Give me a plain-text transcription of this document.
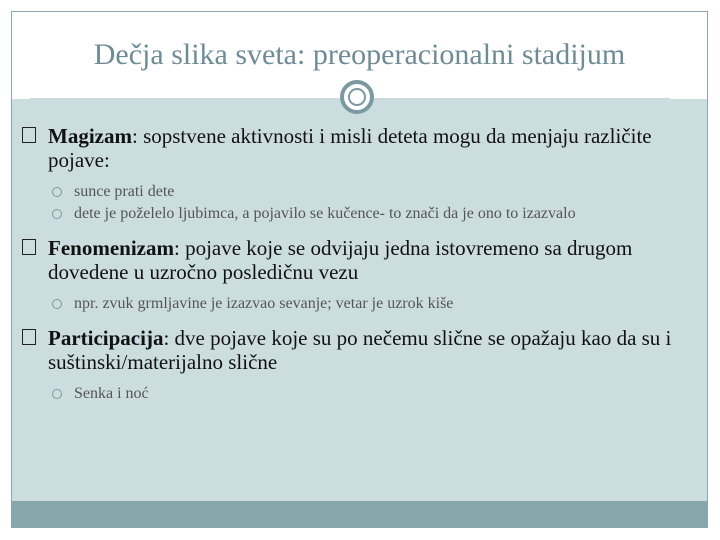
Dečja slika sveta: preoperacionalni stadijum
Magizam: sopstvene aktivnosti i misli deteta mogu da menjaju različite pojave:
sunce prati dete
dete je poželelo ljubimca, a pojavilo se kučence- to znači da je ono to izazvalo
Fenomenizam: pojave koje se odvijaju jedna istovremeno sa drugom dovedene u uzročno posledičnu vezu
npr. zvuk grmljavine je izazvao sevanje; vetar je uzrok kiše
Participacija: dve pojave koje su po nečemu slične se opažaju kao da su i suštinski/materijalno slične
Senka i noć
